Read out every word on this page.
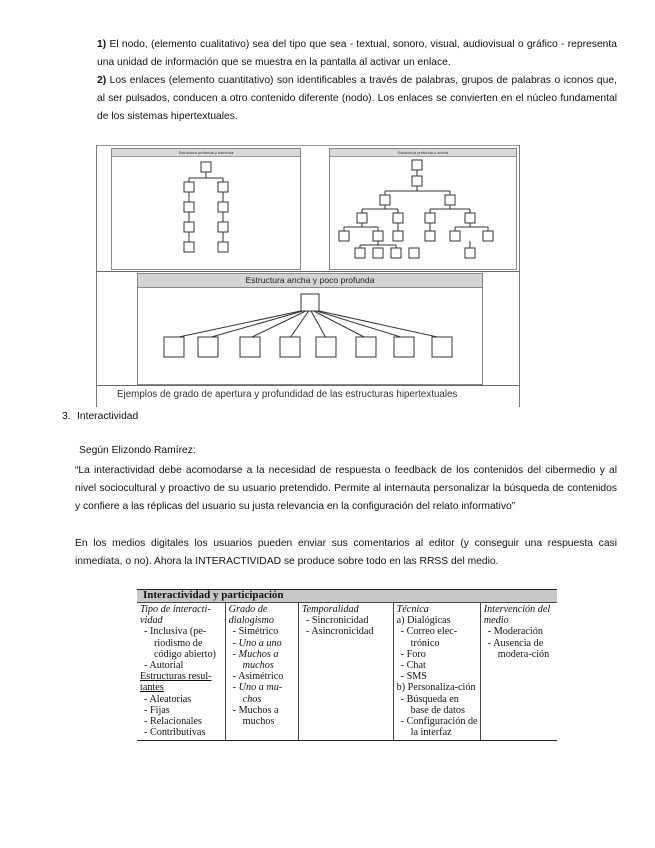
1) El nodo, (elemento cualitativo) sea del tipo que sea - textual, sonoro, visual, audiovisual o gráfico - representa una unidad de información que se muestra en la pantalla al activar un enlace.
2) Los enlaces (elemento cuantitativo) son identificables a través de palabras, grupos de palabras o iconos que, al ser pulsados, conducen a otro contenido diferente (nodo). Los enlaces se convierten en el núcleo fundamental de los sistemas hipertextuales.
Estructura profunda y estrecha	Estructura profunda y ancha
Estructura ancha y poco profunda
Ejemplos de grado de apertura y profundidad de las estructuras hipertextuales
3. Interactividad
Según Elizondo Ramírez:
“La interactividad debe acomodarse a la necesidad de respuesta o feedback de los contenidos del cibermedio y al nivel sociocultural y proactivo de su usuario pretendido. Permite al internauta personalizar la búsqueda de contenidos y confiere a las réplicas del usuario su justa relevancia en la configuración del relato informativo”
En los medios digitales los usuarios pueden enviar sus comentarios al editor (y conseguir una respuesta casi inmediata, o no). Ahora la INTERACTIVIDAD se produce sobre todo en las RRSS del medio.
Interactividad y participación

Tipo de interacti-vidad
- Inclusiva (pe-riodismo de código abierto)
- Autorial
Estructuras resul-tantes
- Aleatorias
- Fijas
- Relacionales
- Contributivas

Grado de dialogismo
- Simétrico
- Uno a uno
- Muchos a muchos
- Asimétrico
- Uno a mu-chos
- Muchos a muchos

Temporalidad
- Sincronicidad
- Asincronicidad

Técnica
a) Dialógicas
- Correo elec-trónico
- Foro
- Chat
- SMS
b) Personaliza-ción
- Búsqueda en base de datos
- Configuración de la interfaz

Intervención del medio
- Moderación
- Ausencia de modera-ción
